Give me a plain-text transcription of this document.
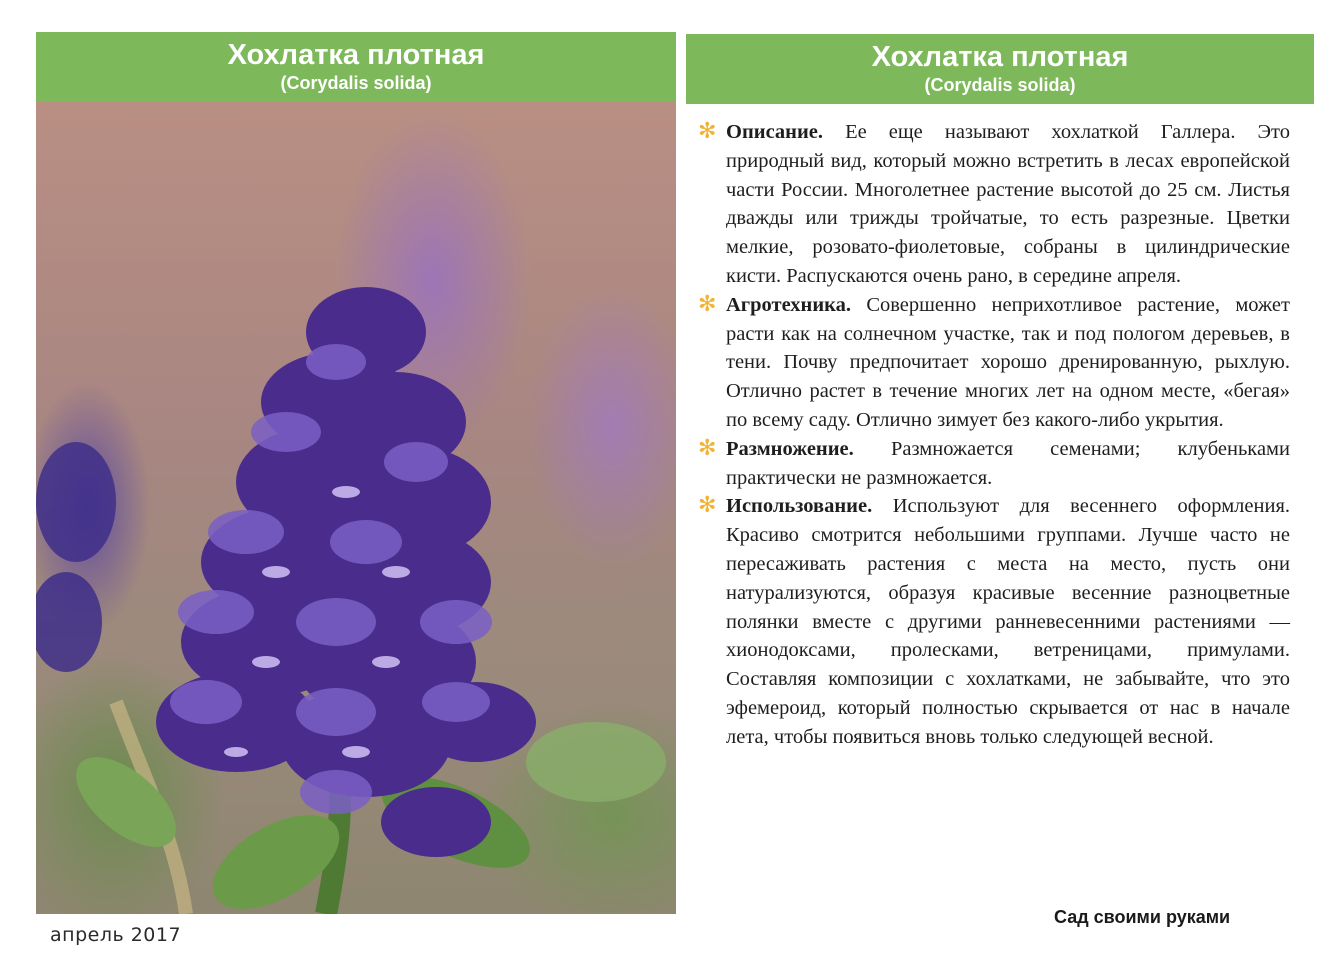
Хохлатка плотная
(Corydalis solida)
Хохлатка плотная
(Corydalis solida)

✻ Описание. Ее еще называют хохлаткой Галлера. Это природный вид, который можно встретить в лесах европейской части России. Многолетнее растение высотой до 25 см. Листья дважды или трижды тройчатые, то есть разрезные. Цветки мелкие, розовато-фиолетовые, собраны в цилиндрические кисти. Распускаются очень рано, в середине апреля.

✻ Агротехника. Совершенно неприхотливое растение, может расти как на солнечном участке, так и под пологом деревьев, в тени. Почву предпочитает хорошо дренированную, рыхлую. Отлично растет в течение многих лет на одном месте, «бегая» по всему саду. Отлично зимует без какого-либо укрытия.

✻ Размножение. Размножается семенами; клубеньками практически не размножается.

✻ Использование. Используют для весеннего оформления. Красиво смотрится небольшими группами. Лучше часто не пересаживать растения с места на место, пусть они натурализуются, образуя красивые весенние разноцветные полянки вместе с другими ранневесенними растениями — хионодоксами, пролесками, ветреницами, примулами. Составляя композиции с хохлатками, не забывайте, что это эфемероид, который полностью скрывается от нас в начале лета, чтобы появиться вновь только следующей весной.

апрель 2017
Сад своими руками
